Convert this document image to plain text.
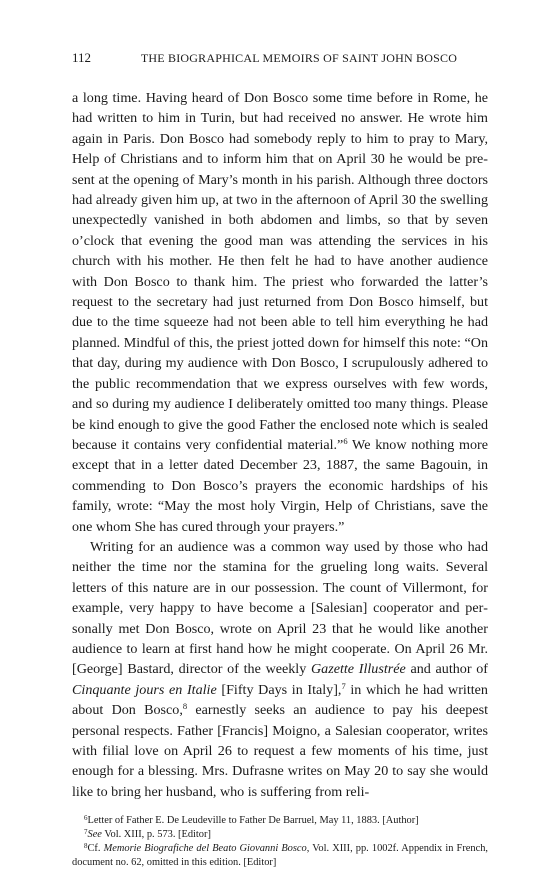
112	THE BIOGRAPHICAL MEMOIRS OF SAINT JOHN BOSCO

a long time. Having heard of Don Bosco some time before in Rome, he had written to him in Turin, but had received no answer. He wrote him again in Paris. Don Bosco had somebody reply to him to pray to Mary, Help of Christians and to inform him that on April 30 he would be present at the opening of Mary’s month in his parish. Although three doctors had already given him up, at two in the afternoon of April 30 the swelling unexpectedly vanished in both abdomen and limbs, so that by seven o’clock that evening the good man was attending the services in his church with his mother. He then felt he had to have another audience with Don Bosco to thank him. The priest who forwarded the latter’s request to the secretary had just returned from Don Bosco himself, but due to the time squeeze had not been able to tell him everything he had planned. Mindful of this, the priest jotted down for himself this note: “On that day, during my audience with Don Bosco, I scrupulously adhered to the public recommendation that we express ourselves with few words, and so during my audience I deliberately omitted too many things. Please be kind enough to give the good Father the enclosed note which is sealed because it contains very confidential material.”$^6$ We know nothing more except that in a letter dated December 23, 1887, the same Bagouin, in commending to Don Bosco’s prayers the economic hardships of his family, wrote: “May the most holy Virgin, Help of Christians, save the one whom She has cured through your prayers.”

Writing for an audience was a common way used by those who had neither the time nor the stamina for the grueling long waits. Several letters of this nature are in our possession. The count of Villermont, for example, very happy to have become a [Salesian] cooperator and personally met Don Bosco, wrote on April 23 that he would like another audience to learn at first hand how he might cooperate. On April 26 Mr. [George] Bastard, director of the weekly Gazette Illustrée and author of Cinquante jours en Italie [Fifty Days in Italy],$^7$ in which he had written about Don Bosco,$^8$ earnestly seeks an audience to pay his deepest personal respects. Father [Francis] Moigno, a Salesian cooperator, writes with filial love on April 26 to request a few moments of his time, just enough for a blessing. Mrs. Dufrasne writes on May 20 to say she would like to bring her husband, who is suffering from reli-

$^6$Letter of Father E. De Leudeville to Father De Barruel, May 11, 1883. [Author]

$^7$See Vol. XIII, p. 573. [Editor]

$^8$Cf. Memorie Biografiche del Beato Giovanni Bosco, Vol. XIII, pp. 1002f. Appendix in French, document no. 62, omitted in this edition. [Editor]
